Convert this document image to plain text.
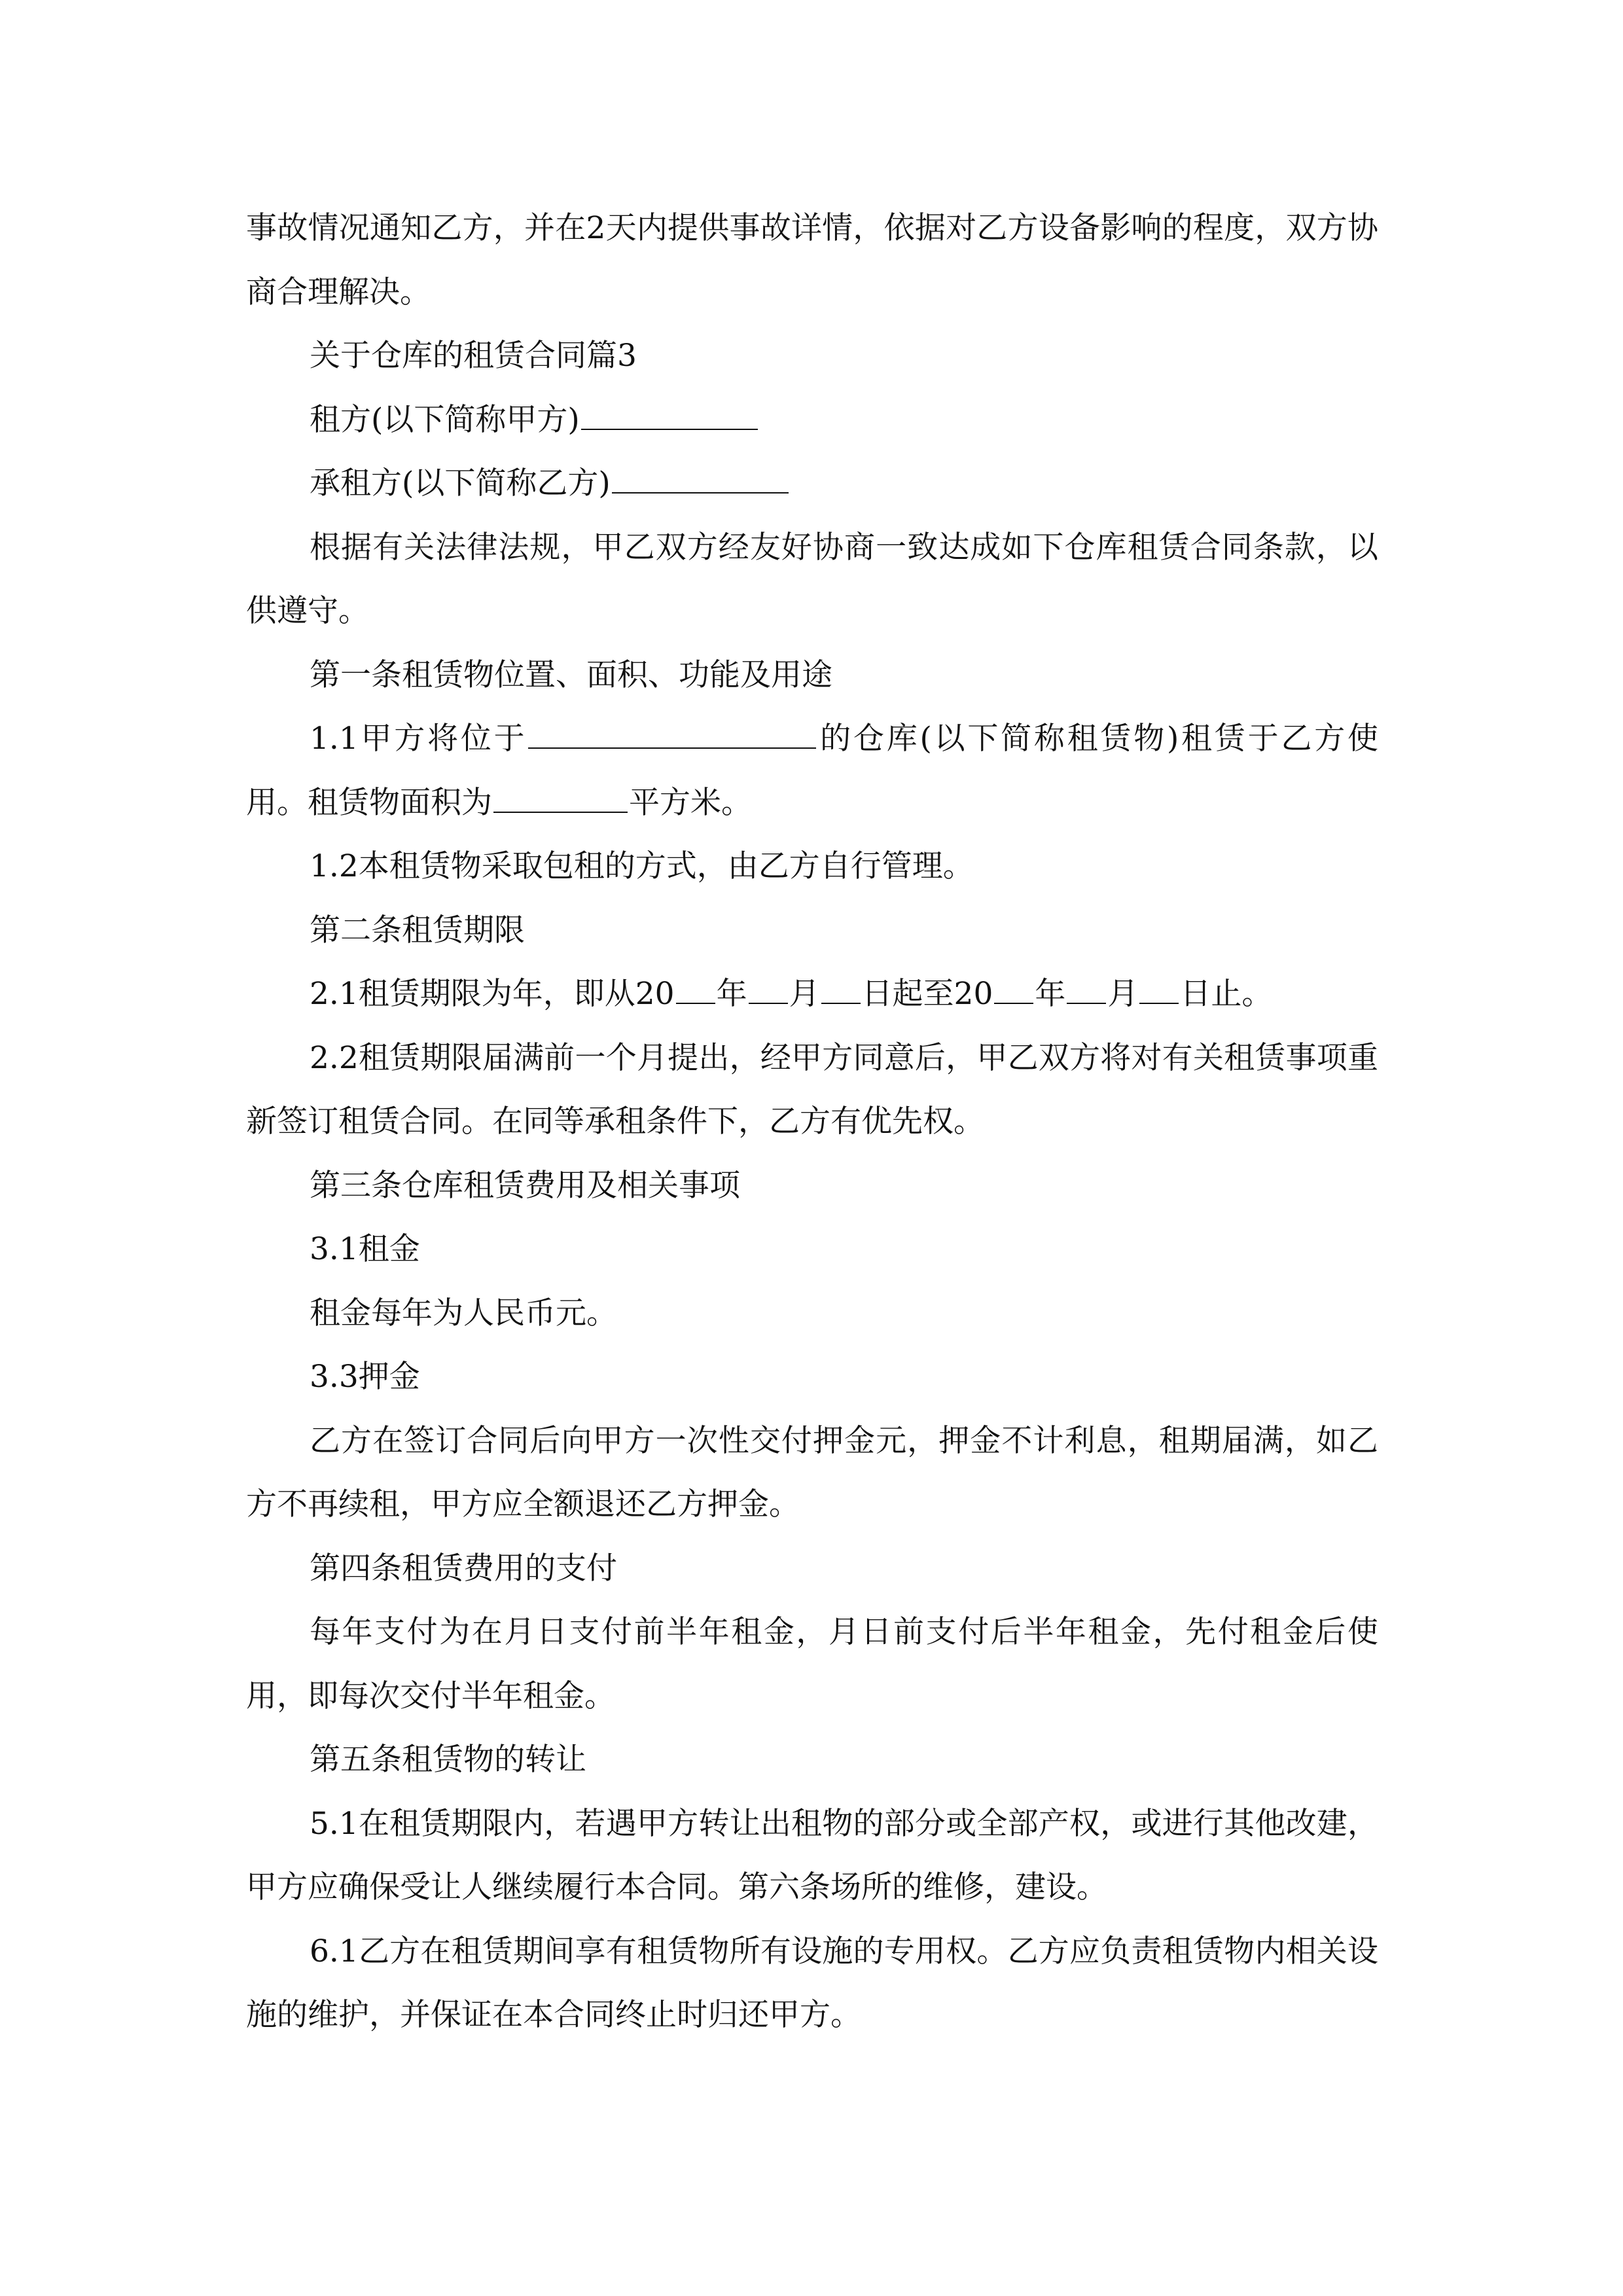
事故情况通知乙方，并在2天内提供事故详情，依据对乙方设备影响的程度，双方协商合理解决。

关于仓库的租赁合同篇3

租方(以下简称甲方)

承租方(以下简称乙方)

根据有关法律法规，甲乙双方经友好协商一致达成如下仓库租赁合同条款，以供遵守。

第一条租赁物位置、面积、功能及用途

1.1甲方将位于	的仓库(以下简称租赁物)租赁于乙方使用。租赁物面积为	平方米。

1.2本租赁物采取包租的方式，由乙方自行管理。

第二条租赁期限

2.1租赁期限为年，即从20 年 月 日起至20 年 月 日止。

2.2租赁期限届满前一个月提出，经甲方同意后，甲乙双方将对有关租赁事项重新签订租赁合同。在同等承租条件下，乙方有优先权。

第三条仓库租赁费用及相关事项

3.1租金

租金每年为人民币元。

3.3押金

乙方在签订合同后向甲方一次性交付押金元，押金不计利息，租期届满，如乙方不再续租，甲方应全额退还乙方押金。

第四条租赁费用的支付

每年支付为在月日支付前半年租金，月日前支付后半年租金，先付租金后使用，即每次交付半年租金。

第五条租赁物的转让

5.1在租赁期限内，若遇甲方转让出租物的部分或全部产权，或进行其他改建，甲方应确保受让人继续履行本合同。第六条场所的维修，建设。

6.1乙方在租赁期间享有租赁物所有设施的专用权。乙方应负责租赁物内相关设施的维护，并保证在本合同终止时归还甲方。
